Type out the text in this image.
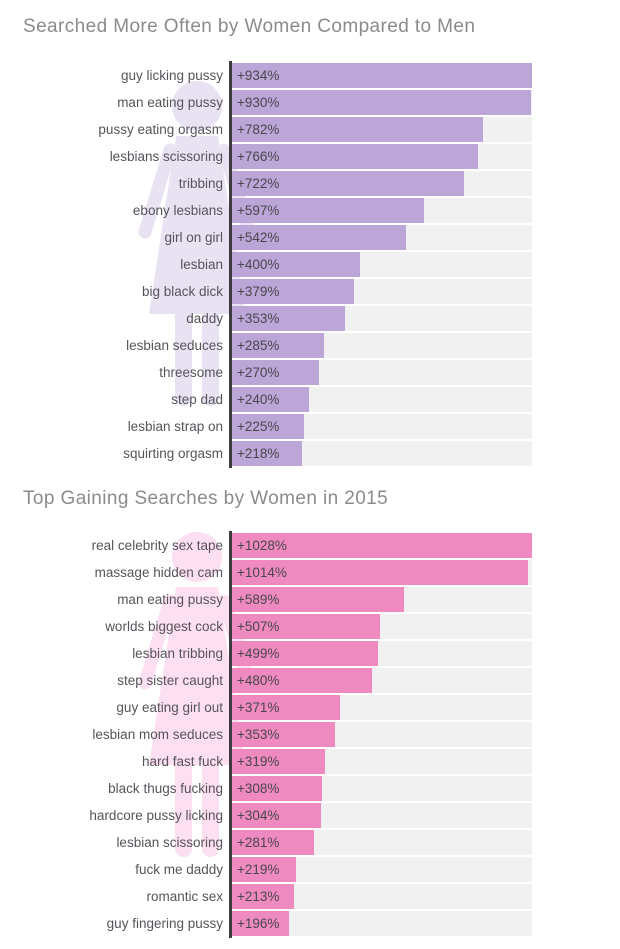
Searched More Often by Women Compared to Men
guy licking pussy	+934%
man eating pussy	+930%
pussy eating orgasm	+782%
lesbians scissoring	+766%
tribbing	+722%
ebony lesbians	+597%
girl on girl	+542%
lesbian	+400%
big black dick	+379%
daddy	+353%
lesbian seduces	+285%
threesome	+270%
step dad	+240%
lesbian strap on	+225%
squirting orgasm	+218%
Top Gaining Searches by Women in 2015
real celebrity sex tape	+1028%
massage hidden cam	+1014%
man eating pussy	+589%
worlds biggest cock	+507%
lesbian tribbing	+499%
step sister caught	+480%
guy eating girl out	+371%
lesbian mom seduces	+353%
hard fast fuck	+319%
black thugs fucking	+308%
hardcore pussy licking	+304%
lesbian scissoring	+281%
fuck me daddy	+219%
romantic sex	+213%
guy fingering pussy	+196%
